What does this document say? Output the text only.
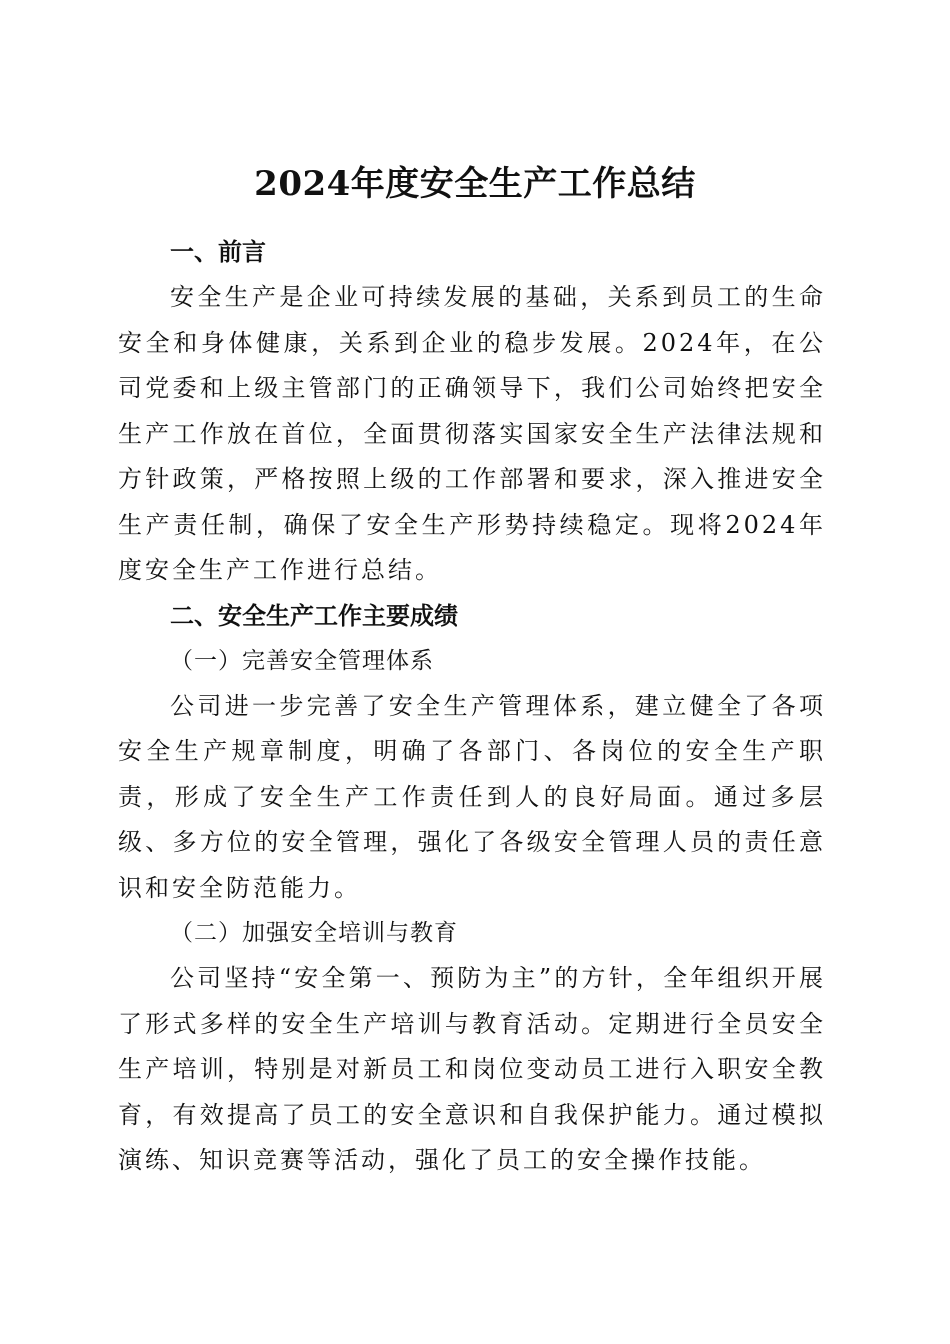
2024年度安全生产工作总结
一、前言

安全生产是企业可持续发展的基础，关系到员工的生命安全和身体健康，关系到企业的稳步发展。2024年，在公司党委和上级主管部门的正确领导下，我们公司始终把安全生产工作放在首位，全面贯彻落实国家安全生产法律法规和方针政策，严格按照上级的工作部署和要求，深入推进安全生产责任制，确保了安全生产形势持续稳定。现将2024年度安全生产工作进行总结。

二、安全生产工作主要成绩
（一）完善安全管理体系

公司进一步完善了安全生产管理体系，建立健全了各项安全生产规章制度，明确了各部门、各岗位的安全生产职责，形成了安全生产工作责任到人的良好局面。通过多层级、多方位的安全管理，强化了各级安全管理人员的责任意识和安全防范能力。

（二）加强安全培训与教育

公司坚持“安全第一、预防为主”的方针，全年组织开展了形式多样的安全生产培训与教育活动。定期进行全员安全生产培训，特别是对新员工和岗位变动员工进行入职安全教育，有效提高了员工的安全意识和自我保护能力。通过模拟演练、知识竞赛等活动，强化了员工的安全操作技能。
